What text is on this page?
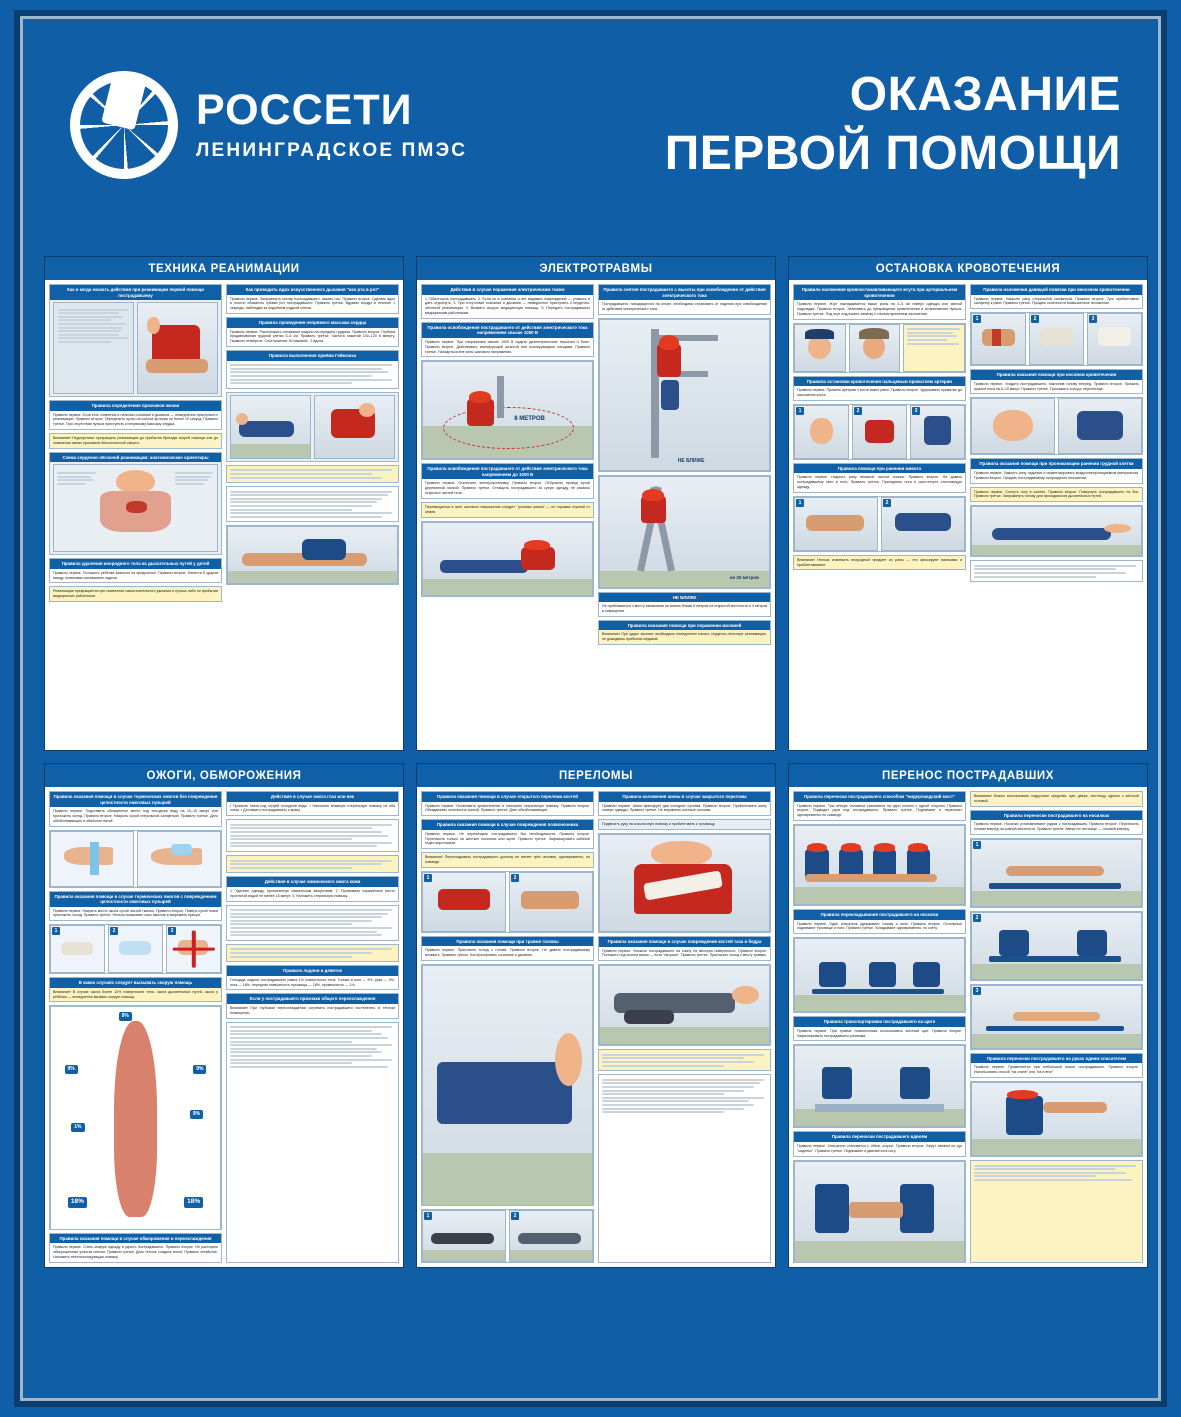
РОССЕТИ
ЛЕНИНГРАДСКОЕ ПМЭС
ОКАЗАНИЕ
ПЕРВОЙ ПОМОЩИ
ТЕХНИКА РЕАНИМАЦИИ
Как и когда оказать действия при реанимации первой помощи пострадавшему
Правила определения признаков жизни
Правило первое. Если есть сомнения в наличии сознания и дыхания — немедленно приступить к реанимации. Правило второе. Определить пульс на сонной артерии не более 10 секунд. Правило третье. При отсутствии пульса приступить к непрямому массажу сердца.
Внимание! Недопустимо прекращать реанимацию до прибытия бригады скорой помощи или до появления явных признаков биологической смерти.
Схема сердечно-лёгочной реанимации: анатомические ориентиры
Правила удаления инородного тела из дыхательных путей у детей
Правило первое. Положить ребёнка животом на предплечье. Правило второе. Нанести 5 ударов между лопатками основанием ладони.
Реанимация прекращается при появлении самостоятельного дыхания и пульса либо по прибытии медицинских работников.
Как проводить вдох искусственного дыхания "изо рта в рот"
Правило первое. Запрокинуть голову пострадавшего, зажать нос. Правило второе. Сделать вдох и плотно обхватить губами рот пострадавшего. Правило третье. Вдувать воздух в течение 1 секунды, наблюдая за подъёмом грудной клетки.
Правила проведения непрямого массажа сердца
Правило первое. Расположить основание ладони на середине грудины. Правило второе. Глубина продавливания грудной клетки 5–6 см. Правило третье. Частота нажатий 100–120 в минуту. Правило четвёртое. Соотношение 30 нажатий : 2 вдоха.
Правила выполнения приёма Геймлиха
ЭЛЕКТРОТРАВМЫ
Действия в случае поражения электрическим током
1. Обесточить пострадавшего. 2. Если он в сознании и нет видимых повреждений — уложить и дать отдохнуть. 3. При отсутствии сознания и дыхания — немедленно приступить к сердечно-лёгочной реанимации. 4. Вызвать скорую медицинскую помощь. 5. Передать пострадавшего медицинским работникам.
Правила освобождения пострадавшего от действия электрического тока напряжением свыше 1000 В
Правило первое. При напряжении свыше 1000 В надеть диэлектрические перчатки и боты. Правило второе. Действовать изолирующей штангой или изолирующими клещами. Правило третье. Находиться вне зоны шагового напряжения.
8 МЕТРОВ
Правила освобождения пострадавшего от действия электрического тока напряжением до 1000 В
Правило первое. Отключить электроустановку. Правило второе. Отбросить провод сухой деревянной палкой. Правило третье. Оттащить пострадавшего за сухую одежду, не касаясь открытых частей тела.
Перемещаться в зоне шагового напряжения следует "гусиным шагом" — не отрывая ступней от земли.
Правила снятия пострадавшего с высоты при освобождении от действия электрического тока
Пострадавшего, находящегося на опоре, необходимо страховать от падения при освобождении от действия электрического тока.
НЕ БЛИЖЕ
не 20 метров
НЕ БЛИЖЕ
Не приближаться к месту замыкания на землю ближе 8 метров на открытой местности и 4 метров в помещении.
Правила оказания помощи при поражении молнией
Внимание! При ударе молнии необходимо немедленно начать сердечно-лёгочную реанимацию, не дожидаясь прибытия медиков.
ОСТАНОВКА КРОВОТЕЧЕНИЯ
Правила наложения кровоостанавливающего жгута при артериальном кровотечении
Правило первое. Жгут накладывается выше раны на 3–5 см поверх одежды или мягкой подкладки. Правило второе. Затягивать до прекращения кровотечения и исчезновения пульса. Правило третье. Под жгут подложить записку с точным временем наложения.
Правила остановки кровотечения пальцевым прижатием артерии
Правило первое. Прижать артерию к кости выше раны. Правило второе. Удерживать прижатие до наложения жгута.
1	2	3
Правила помощи при ранении живота
Правило первое. Накрыть рану влажной чистой тканью. Правило второе. Не давать пострадавшему пить и есть. Правило третье. Приподнять ноги и расстегнуть стесняющую одежду.
1	2
Внимание! Нельзя извлекать инородный предмет из раны — его фиксируют валиками и прибинтовывают.
Правила наложения давящей повязки при венозном кровотечении
Правило первое. Накрыть рану стерильной салфеткой. Правило второе. Туго прибинтовать салфетку к ране. Правило третье. Придать конечности возвышенное положение.
1	2	3
Правила оказания помощи при носовом кровотечении
Правило первое. Усадить пострадавшего, наклонив голову вперёд. Правило второе. Прижать крылья носа на 5–10 минут. Правило третье. Приложить холод к переносице.
Правила оказания помощи при проникающем ранении грудной клетки
Правило первое. Закрыть рану ладонью и герметизировать воздухонепроницаемым материалом. Правило второе. Придать пострадавшему полусидячее положение.
Правило первое. Согнуть ногу в колене. Правило второе. Повернуть пострадавшего на бок. Правило третье. Запрокинуть голову для проходимости дыхательных путей.
ОЖОГИ, ОБМОРОЖЕНИЯ
Правила оказания помощи в случае термических ожогов без повреждения целостности ожоговых пузырей
Правило первое. Подставить обожжённое место под холодную воду на 10–15 минут или приложить холод. Правило второе. Накрыть сухой стерильной салфеткой. Правило третье. Дать обезболивающее и обильное питьё.
Правила оказания помощи в случае термических ожогов с повреждением целостности ожоговых пузырей
Правило первое. Накрыть место ожога сухой чистой тканью. Правило второе. Поверх сухой ткани приложить холод. Правило третье. Нельзя смазывать ожог маслом и вскрывать пузыри.
1	2	3
В каких случаях следует вызывать скорую помощь
Внимание! В случае ожога более 10% поверхности тела, ожога дыхательных путей, ожога у ребёнка — немедленно вызвать скорую помощь.
9%
9%	9%
9%
1%
18%	18%
Правила оказания помощи в случае обморожения и переохлаждения
Правило первое. Снять мокрую одежду и укрыть пострадавшего. Правило второе. Не растирать обмороженные участки снегом. Правило третье. Дать тёплое сладкое питьё. Правило четвёртое. Наложить теплоизолирующую повязку.
Действия в случае ожога глаз или век
• Промыть глаза под струёй холодной воды. • Наложить влажную стерильную повязку на оба глаза. • Доставить пострадавшего к врачу.
Действия в случае химического ожога кожи
1. Удалить одежду, пропитанную химическим веществом. 2. Промывать поражённое место проточной водой не менее 15 минут. 3. Наложить стерильную повязку.
Правило ладони и девяток
Площадь ладони пострадавшего равна 1% поверхности тела. Голова и шея — 9%, рука — 9%, нога — 18%, передняя поверхность туловища — 18%, промежность — 1%.
Если у пострадавшего признаки общего переохлаждения
Внимание! При глубоком переохлаждении согревать пострадавшего постепенно, в тёплом помещении.
ПЕРЕЛОМЫ
Правила оказания помощи в случае открытого перелома костей
Правило первое. Остановить кровотечение и наложить стерильную повязку. Правило второе. Обездвижить конечность шиной. Правило третье. Дать обезболивающее.
Правила оказания помощи в случае повреждения позвоночника
Правило первое. Не перемещать пострадавшего без необходимости. Правило второе. Переносить только на жёстких носилках или щите. Правило третье. Зафиксировать шейный отдел воротником.
Внимание! Перекладывать пострадавшего должны не менее трёх человек, одновременно, по команде.
1	2
Правила оказания помощи при травме головы
Правило первое. Приложить холод к голове. Правило второе. Не давать пострадавшему вставать. Правило третье. Контролировать сознание и дыхание.
1	2
Правила наложения шины в случае закрытого перелома
Правило первое. Шина фиксирует два соседних сустава. Правило второе. Прибинтовать шину поверх одежды. Правило третье. Не вправлять костные отломки.
Подвесить руку на косыночную повязку и прибинтовать к туловищу.
Правила оказания помощи в случае повреждения костей таза и бедра
Правило первое. Уложить пострадавшего на спину на жёсткую поверхность. Правило второе. Положить под колени валик — поза "лягушки". Правило третье. Приложить холод к месту травмы.
ПЕРЕНОС ПОСТРАДАВШИХ
Правила переноски пострадавшего способом "нидерландский мост"
Правило первое. Три–четыре человека становятся на одно колено с одной стороны. Правило второе. Подводят руки под пострадавшего. Правило третье. Поднимают и переносят одновременно по команде.
Правила перекладывания пострадавшего на носилки
Правило первое. Один спасатель удерживает голову и шею. Правило второе. Остальные поднимают туловище и ноги. Правило третье. Укладывают одновременно, по счёту.
Правила транспортировки пострадавшего на щите
Правило первое. При травме позвоночника использовать жёсткий щит. Правило второе. Зафиксировать пострадавшего ремнями.
Правила переноски пострадавшего вдвоём
Правило первое. Спасатели становятся с обеих сторон. Правило второе. Берут замком из рук "сиденье". Правило третье. Поднимают и двигаются в ногу.
Внимание! Можно использовать подручные средства: щит, дверь, лестницу, одеяло с жёсткой основой.
Правила переноски пострадавшего на носилках
Правило первое. Носилки устанавливают рядом с пострадавшим. Правило второе. Переносить ногами вперёд на ровной местности. Правило третье. Вверх по лестнице — головой вперёд.
1
2
3
Правила переноски пострадавшего на руках одним спасателем
Правило первое. Применяется при небольшой массе пострадавшего. Правило второе. Использовать способ "на спине" или "на плече".
